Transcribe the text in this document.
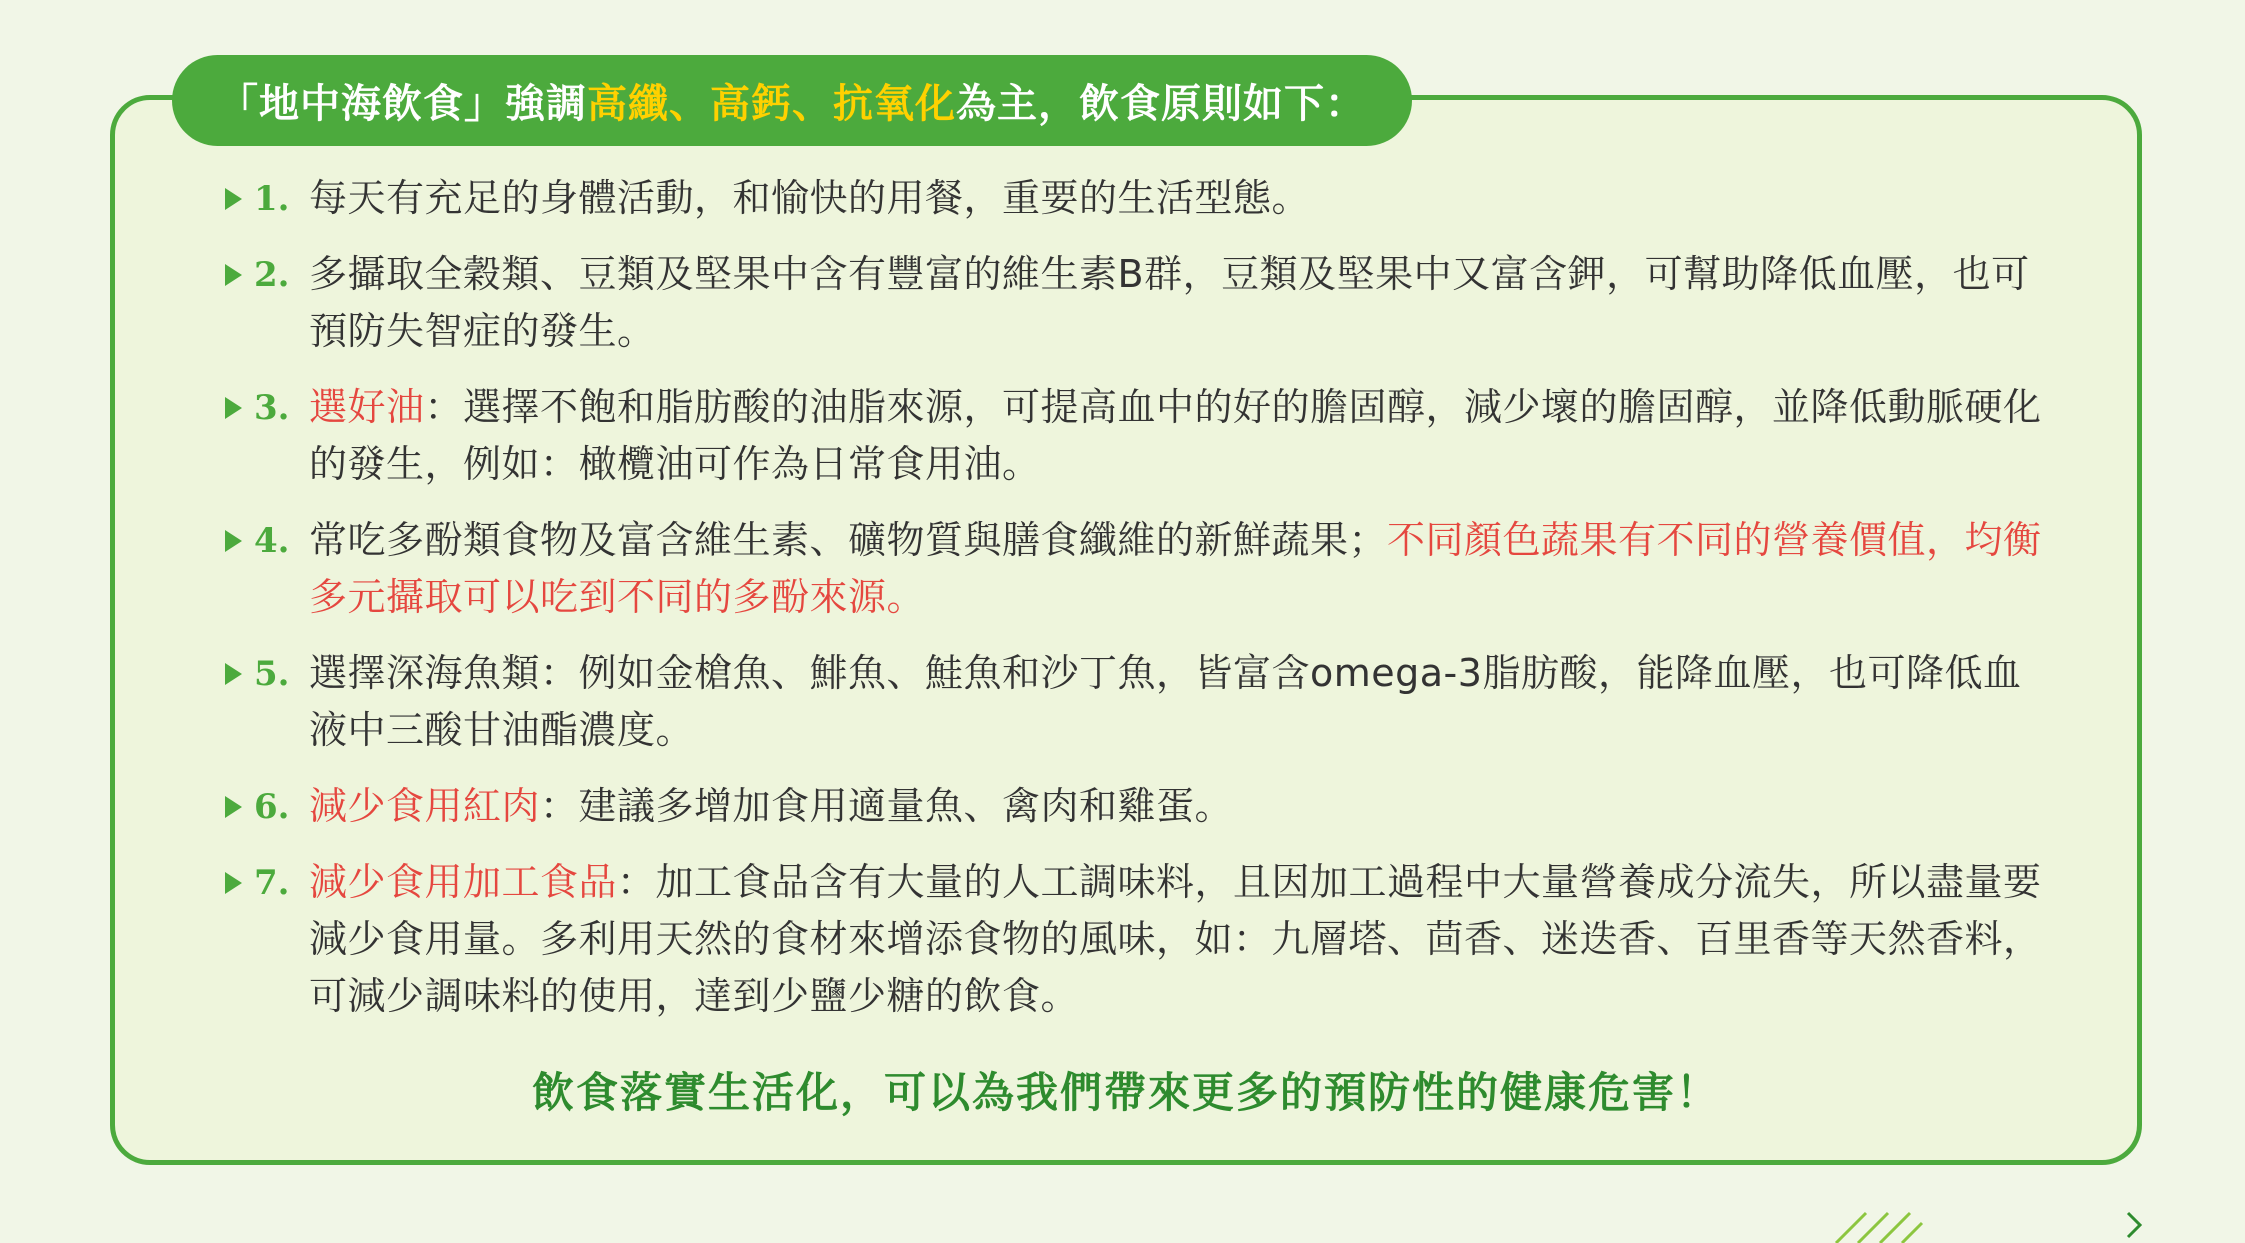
「地中海飲食」強調 高纖、高鈣、抗氧化 為主，飲食原則如下：
1. 每天有充足的身體活動，和愉快的用餐，重要的生活型態。
2. 多攝取全穀類、豆類及堅果中含有豐富的維生素B群，豆類及堅果中又富含鉀，可幫助降低血壓，也可預防失智症的發生。
3. 選好油：選擇不飽和脂肪酸的油脂來源，可提高血中的好的膽固醇，減少壞的膽固醇，並降低動脈硬化的發生，例如：橄欖油可作為日常食用油。
4. 常吃多酚類食物及富含維生素、礦物質與膳食纖維的新鮮蔬果；不同顏色蔬果有不同的營養價值，均衡多元攝取可以吃到不同的多酚來源。
5. 選擇深海魚類：例如金槍魚、鯡魚、鮭魚和沙丁魚，皆富含omega-3脂肪酸，能降血壓，也可降低血液中三酸甘油酯濃度。
6. 減少食用紅肉：建議多增加食用適量魚、禽肉和雞蛋。
7. 減少食用加工食品：加工食品含有大量的人工調味料，且因加工過程中大量營養成分流失，所以盡量要減少食用量。多利用天然的食材來增添食物的風味，如：九層塔、茴香、迷迭香、百里香等天然香料，可減少調味料的使用，達到少鹽少糖的飲食。
飲食落實生活化，可以為我們帶來更多的預防性的健康危害！
